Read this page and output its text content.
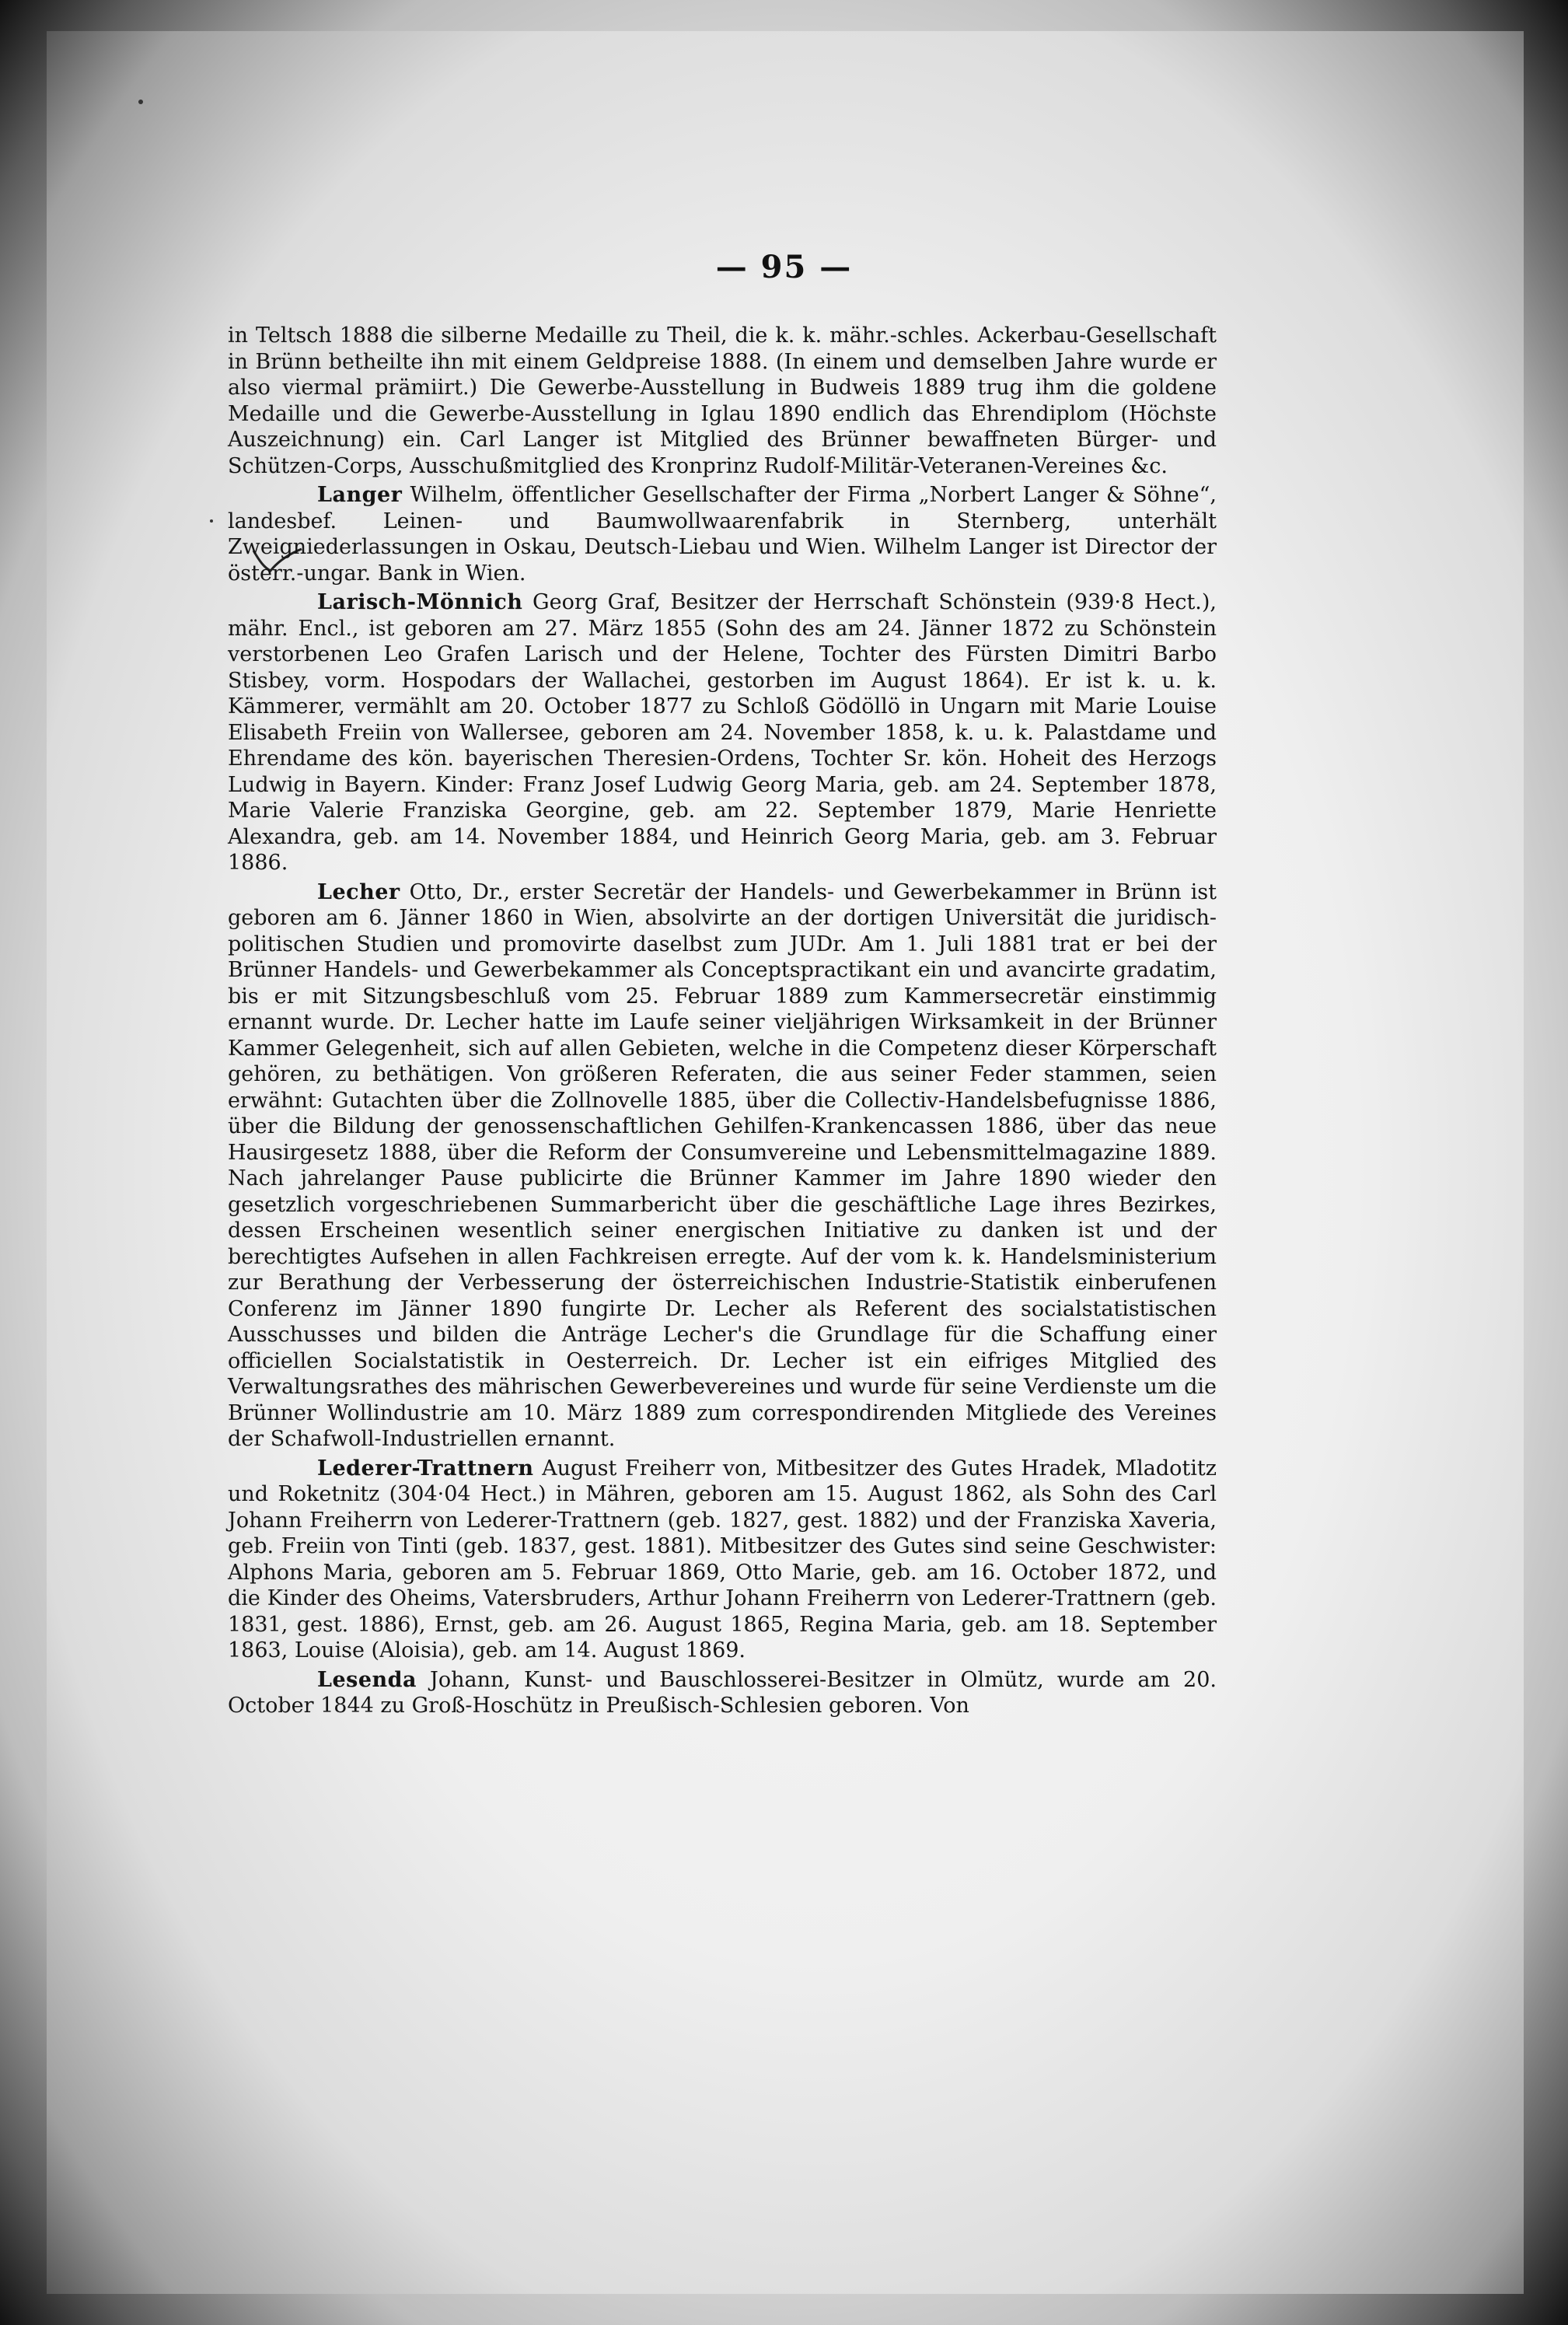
— 95 —

in Teltsch 1888 die silberne Medaille zu Theil, die k. k. mähr.-schles. Ackerbau-Gesellschaft in Brünn betheilte ihn mit einem Geldpreise 1888. (In einem und demselben Jahre wurde er also viermal prämiirt.) Die Gewerbe-Ausstellung in Budweis 1889 trug ihm die goldene Medaille und die Gewerbe-Ausstellung in Iglau 1890 endlich das Ehrendiplom (Höchste Auszeichnung) ein. Carl Langer ist Mitglied des Brünner bewaffneten Bürger- und Schützen-Corps, Ausschußmitglied des Kronprinz Rudolf-Militär-Veteranen-Vereines &c.

Langer Wilhelm, öffentlicher Gesellschafter der Firma „Norbert Langer & Söhne“, landesbef. Leinen- und Baumwollwaarenfabrik in Sternberg, unterhält Zweigniederlassungen in Oskau, Deutsch-Liebau und Wien. Wilhelm Langer ist Director der österr.-ungar. Bank in Wien.

Larisch-Mönnich Georg Graf, Besitzer der Herrschaft Schönstein (939·8 Hect.), mähr. Encl., ist geboren am 27. März 1855 (Sohn des am 24. Jänner 1872 zu Schönstein verstorbenen Leo Grafen Larisch und der Helene, Tochter des Fürsten Dimitri Barbo Stisbey, vorm. Hospodars der Wallachei, gestorben im August 1864). Er ist k. u. k. Kämmerer, vermählt am 20. October 1877 zu Schloß Gödöllö in Ungarn mit Marie Louise Elisabeth Freiin von Wallersee, geboren am 24. November 1858, k. u. k. Palastdame und Ehrendame des kön. bayerischen Theresien-Ordens, Tochter Sr. kön. Hoheit des Herzogs Ludwig in Bayern. Kinder: Franz Josef Ludwig Georg Maria, geb. am 24. September 1878, Marie Valerie Franziska Georgine, geb. am 22. September 1879, Marie Henriette Alexandra, geb. am 14. November 1884, und Heinrich Georg Maria, geb. am 3. Februar 1886.

Lecher Otto, Dr., erster Secretär der Handels- und Gewerbekammer in Brünn ist geboren am 6. Jänner 1860 in Wien, absolvirte an der dortigen Universität die juridisch-politischen Studien und promovirte daselbst zum JUDr. Am 1. Juli 1881 trat er bei der Brünner Handels- und Gewerbekammer als Conceptspractikant ein und avancirte gradatim, bis er mit Sitzungsbeschluß vom 25. Februar 1889 zum Kammersecretär einstimmig ernannt wurde. Dr. Lecher hatte im Laufe seiner vieljährigen Wirksamkeit in der Brünner Kammer Gelegenheit, sich auf allen Gebieten, welche in die Competenz dieser Körperschaft gehören, zu bethätigen. Von größeren Referaten, die aus seiner Feder stammen, seien erwähnt: Gutachten über die Zollnovelle 1885, über die Collectiv-Handelsbefugnisse 1886, über die Bildung der genossenschaftlichen Gehilfen-Krankencassen 1886, über das neue Hausirgesetz 1888, über die Reform der Consumvereine und Lebensmittelmagazine 1889. Nach jahrelanger Pause publicirte die Brünner Kammer im Jahre 1890 wieder den gesetzlich vorgeschriebenen Summarbericht über die geschäftliche Lage ihres Bezirkes, dessen Erscheinen wesentlich seiner energischen Initiative zu danken ist und der berechtigtes Aufsehen in allen Fachkreisen erregte. Auf der vom k. k. Handelsministerium zur Berathung der Verbesserung der österreichischen Industrie-Statistik einberufenen Conferenz im Jänner 1890 fungirte Dr. Lecher als Referent des socialstatistischen Ausschusses und bilden die Anträge Lecher's die Grundlage für die Schaffung einer officiellen Socialstatistik in Oesterreich. Dr. Lecher ist ein eifriges Mitglied des Verwaltungsrathes des mährischen Gewerbevereines und wurde für seine Verdienste um die Brünner Wollindustrie am 10. März 1889 zum correspondirenden Mitgliede des Vereines der Schafwoll-Industriellen ernannt.

Lederer-Trattnern August Freiherr von, Mitbesitzer des Gutes Hradek, Mladotitz und Roketnitz (304·04 Hect.) in Mähren, geboren am 15. August 1862, als Sohn des Carl Johann Freiherrn von Lederer-Trattnern (geb. 1827, gest. 1882) und der Franziska Xaveria, geb. Freiin von Tinti (geb. 1837, gest. 1881). Mitbesitzer des Gutes sind seine Geschwister: Alphons Maria, geboren am 5. Februar 1869, Otto Marie, geb. am 16. October 1872, und die Kinder des Oheims, Vatersbruders, Arthur Johann Freiherrn von Lederer-Trattnern (geb. 1831, gest. 1886), Ernst, geb. am 26. August 1865, Regina Maria, geb. am 18. September 1863, Louise (Aloisia), geb. am 14. August 1869.

Lesenda Johann, Kunst- und Bauschlosserei-Besitzer in Olmütz, wurde am 20. October 1844 zu Groß-Hoschütz in Preußisch-Schlesien geboren. Von
